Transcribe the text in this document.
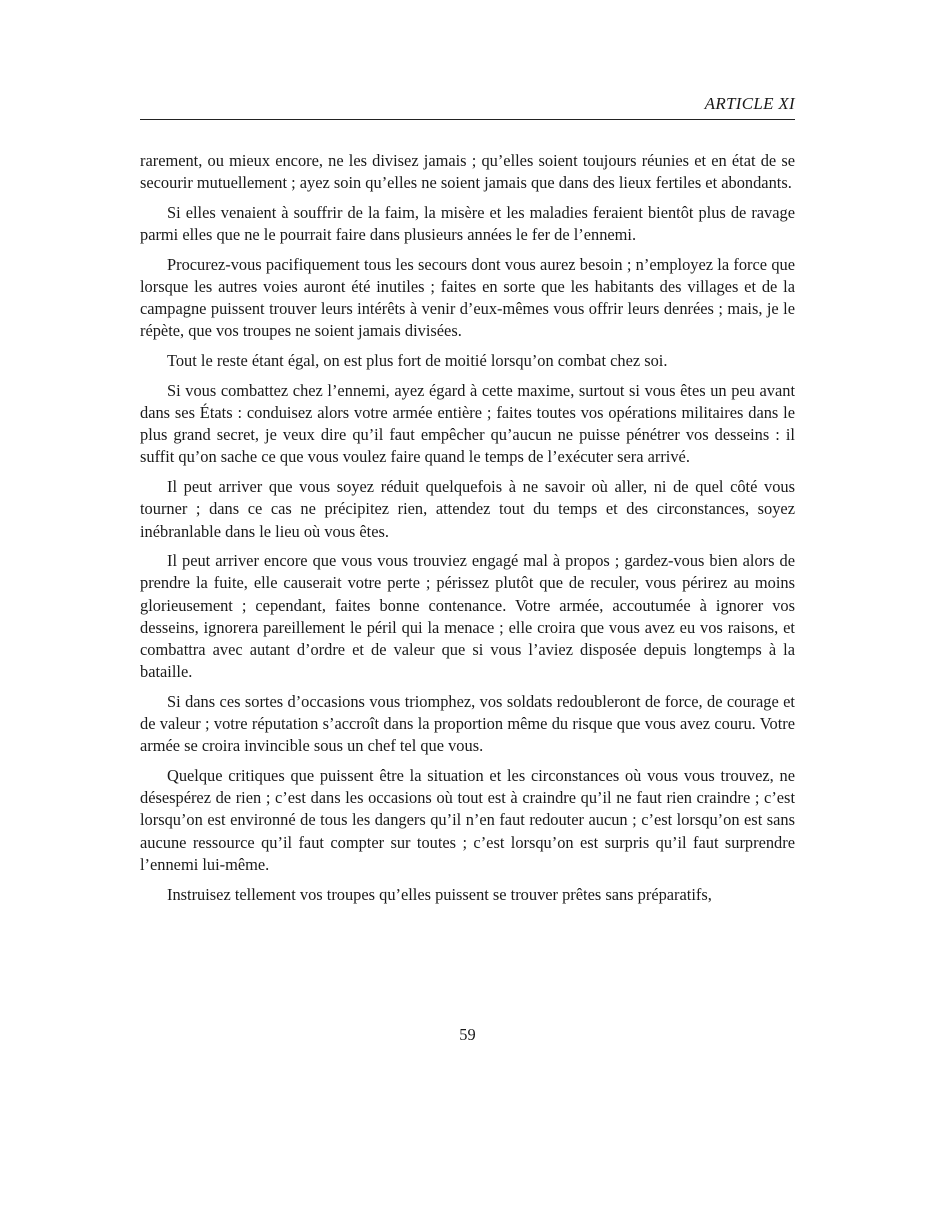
ARTICLE XI

rarement, ou mieux encore, ne les divisez jamais ; qu’elles soient toujours réunies et en état de se secourir mutuellement ; ayez soin qu’elles ne soient jamais que dans des lieux fertiles et abondants.

Si elles venaient à souffrir de la faim, la misère et les maladies feraient bientôt plus de ravage parmi elles que ne le pourrait faire dans plusieurs années le fer de l’ennemi.

Procurez-vous pacifiquement tous les secours dont vous aurez besoin ; n’employez la force que lorsque les autres voies auront été inutiles ; faites en sorte que les habitants des villages et de la campagne puissent trouver leurs intérêts à venir d’eux-mêmes vous offrir leurs denrées ; mais, je le répète, que vos troupes ne soient jamais divisées.

Tout le reste étant égal, on est plus fort de moitié lorsqu’on combat chez soi.

Si vous combattez chez l’ennemi, ayez égard à cette maxime, surtout si vous êtes un peu avant dans ses États : conduisez alors votre armée entière ; faites toutes vos opérations militaires dans le plus grand secret, je veux dire qu’il faut empêcher qu’aucun ne puisse pénétrer vos desseins : il suffit qu’on sache ce que vous voulez faire quand le temps de l’exécuter sera arrivé.

Il peut arriver que vous soyez réduit quelquefois à ne savoir où aller, ni de quel côté vous tourner ; dans ce cas ne précipitez rien, attendez tout du temps et des circonstances, soyez inébranlable dans le lieu où vous êtes.

Il peut arriver encore que vous vous trouviez engagé mal à propos ; gardez-vous bien alors de prendre la fuite, elle causerait votre perte ; périssez plutôt que de reculer, vous périrez au moins glorieusement ; cependant, faites bonne contenance. Votre armée, accoutumée à ignorer vos desseins, ignorera pareillement le péril qui la menace ; elle croira que vous avez eu vos raisons, et combattra avec autant d’ordre et de valeur que si vous l’aviez disposée depuis longtemps à la bataille.

Si dans ces sortes d’occasions vous triomphez, vos soldats redoubleront de force, de courage et de valeur ; votre réputation s’accroît dans la proportion même du risque que vous avez couru. Votre armée se croira invincible sous un chef tel que vous.

Quelque critiques que puissent être la situation et les circonstances où vous vous trouvez, ne désespérez de rien ; c’est dans les occasions où tout est à craindre qu’il ne faut rien craindre ; c’est lorsqu’on est environné de tous les dangers qu’il n’en faut redouter aucun ; c’est lorsqu’on est sans aucune ressource qu’il faut compter sur toutes ; c’est lorsqu’on est surpris qu’il faut surprendre l’ennemi lui-même.

Instruisez tellement vos troupes qu’elles puissent se trouver prêtes sans préparatifs,

59
